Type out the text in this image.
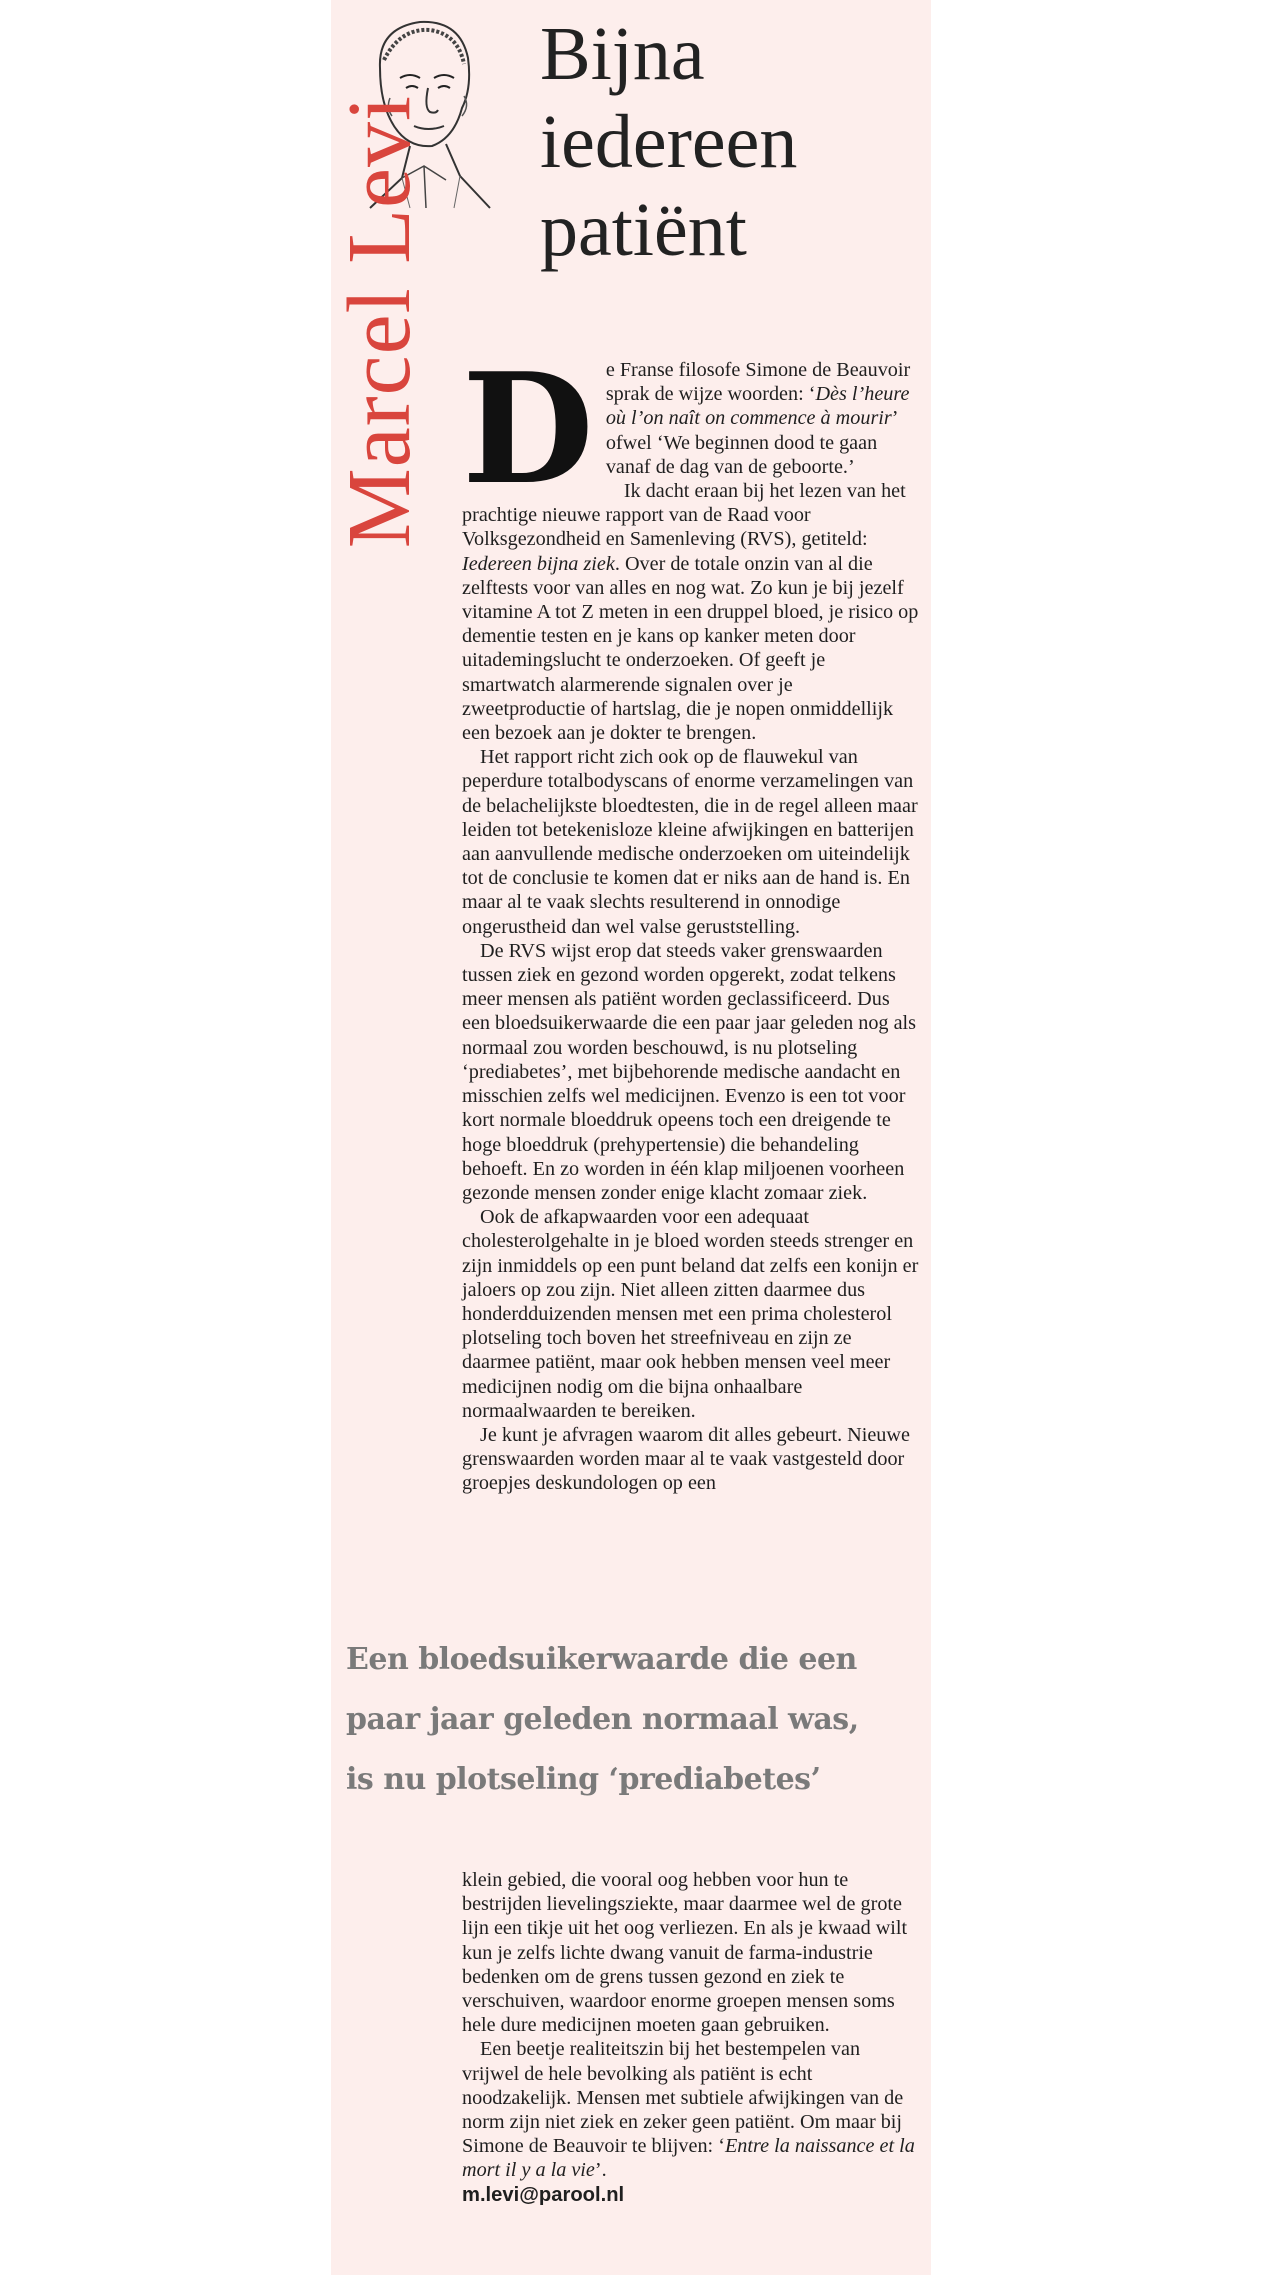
Bijna
iedereen
patiënt
Marcel Levi De Franse filosofe Simone de Beauvoir sprak de wijze woorden: ‘Dès l’heure où l’on naît on commence à mourir’ ofwel ‘We beginnen dood te gaan vanaf de dag van de geboorte.’

Ik dacht eraan bij het lezen van het prachtige nieuwe rapport van de Raad voor Volksgezondheid en Samenleving (RVS), getiteld: Iedereen bijna ziek. Over de totale onzin van al die zelftests voor van alles en nog wat. Zo kun je bij jezelf vitamine A tot Z meten in een druppel bloed, je risico op dementie testen en je kans op kanker meten door uitademingslucht te onderzoeken. Of geeft je smartwatch alarmerende signalen over je zweetproductie of hartslag, die je nopen onmiddellijk een bezoek aan je dokter te brengen.

Het rapport richt zich ook op de flauwekul van peperdure totalbodyscans of enorme verzamelingen van de belachelijkste bloedtesten, die in de regel alleen maar leiden tot betekenisloze kleine afwijkingen en batterijen aan aanvullende medische onderzoeken om uiteindelijk tot de conclusie te komen dat er niks aan de hand is. En maar al te vaak slechts resulterend in onnodige ongerustheid dan wel valse geruststelling.

De RVS wijst erop dat steeds vaker grenswaarden tussen ziek en gezond worden opgerekt, zodat telkens meer mensen als patiënt worden geclassificeerd. Dus een bloedsuikerwaarde die een paar jaar geleden nog als normaal zou worden beschouwd, is nu plotseling ‘prediabetes’, met bijbehorende medische aandacht en misschien zelfs wel medicijnen. Evenzo is een tot voor kort normale bloeddruk opeens toch een dreigende te hoge bloeddruk (prehypertensie) die behandeling behoeft. En zo worden in één klap miljoenen voorheen gezonde mensen zonder enige klacht zomaar ziek.

Ook de afkapwaarden voor een adequaat cholesterolgehalte in je bloed worden steeds strenger en zijn inmiddels op een punt beland dat zelfs een konijn er jaloers op zou zijn. Niet alleen zitten daarmee dus honderdduizenden mensen met een prima cholesterol plotseling toch boven het streefniveau en zijn ze daarmee patiënt, maar ook hebben mensen veel meer medicijnen nodig om die bijna onhaalbare normaalwaarden te bereiken.

Je kunt je afvragen waarom dit alles gebeurt. Nieuwe grenswaarden worden maar al te vaak vastgesteld door groepjes deskundologen op een

Een bloedsuikerwaarde die een
paar jaar geleden normaal was,
is nu plotseling ‘prediabetes’

klein gebied, die vooral oog hebben voor hun te bestrijden lievelingsziekte, maar daarmee wel de grote lijn een tikje uit het oog verliezen. En als je kwaad wilt kun je zelfs lichte dwang vanuit de farma-industrie bedenken om de grens tussen gezond en ziek te verschuiven, waardoor enorme groepen mensen soms hele dure medicijnen moeten gaan gebruiken.

Een beetje realiteitszin bij het bestempelen van vrijwel de hele bevolking als patiënt is echt noodzakelijk. Mensen met subtiele afwijkingen van de norm zijn niet ziek en zeker geen patiënt. Om maar bij Simone de Beauvoir te blijven: ‘Entre la naissance et la mort il y a la vie’.

m.levi@parool.nl
